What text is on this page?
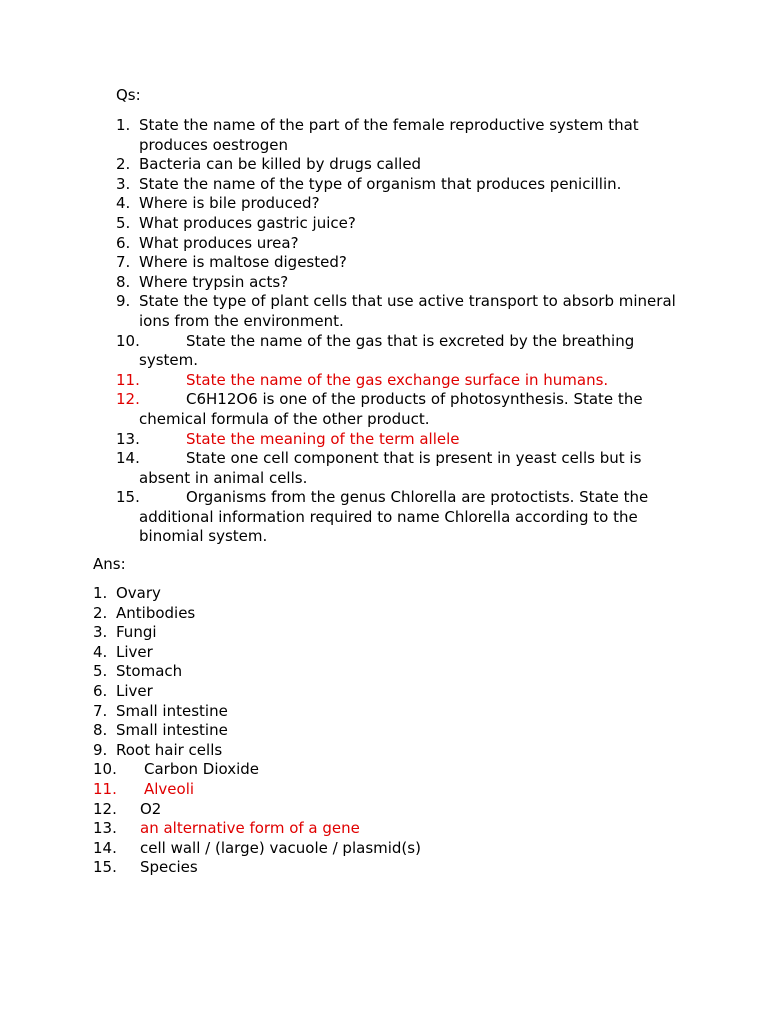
Qs:
1. State the name of the part of the female reproductive system that produces oestrogen
2. Bacteria can be killed by drugs called
3. State the name of the type of organism that produces penicillin.
4. Where is bile produced?
5. What produces gastric juice?
6. What produces urea?
7. Where is maltose digested?
8. Where trypsin acts?
9. State the type of plant cells that use active transport to absorb mineral ions from the environment.
10.	State the name of the gas that is excreted by the breathing system.
11.	State the name of the gas exchange surface in humans.
12.	C6H12O6 is one of the products of photosynthesis. State the chemical formula of the other product.
13.	State the meaning of the term allele
14.	State one cell component that is present in yeast cells but is absent in animal cells.
15.	Organisms from the genus Chlorella are protoctists. State the additional information required to name Chlorella according to the binomial system.
Ans:
1. Ovary
2. Antibodies
3. Fungi
4. Liver
5. Stomach
6. Liver
7. Small intestine
8. Small intestine
9. Root hair cells
10. Carbon Dioxide
11. Alveoli
12. O2
13. an alternative form of a gene
14. cell wall / (large) vacuole / plasmid(s)
15. Species
